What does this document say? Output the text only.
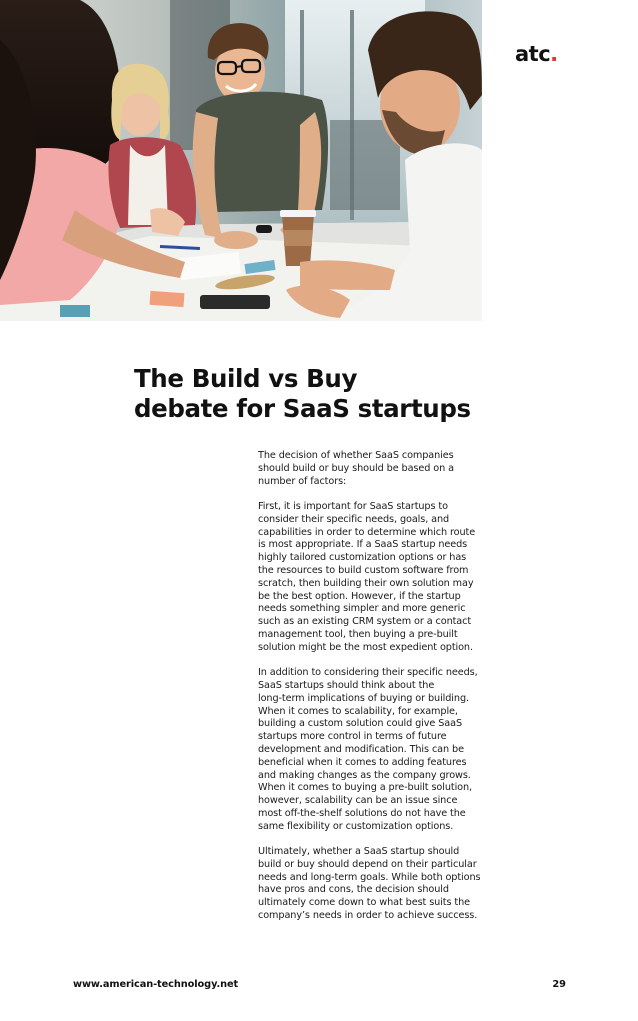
atc.
The Build vs Buy
debate for SaaS startups

The decision of whether SaaS companies
should build or buy should be based on a
number of factors:

First, it is important for SaaS startups to
consider their specific needs, goals, and
capabilities in order to determine which route
is most appropriate. If a SaaS startup needs
highly tailored customization options or has
the resources to build custom software from
scratch, then building their own solution may
be the best option. However, if the startup
needs something simpler and more generic
such as an existing CRM system or a contact
management tool, then buying a pre-built
solution might be the most expedient option.

In addition to considering their specific needs,
SaaS startups should think about the
long-term implications of buying or building.
When it comes to scalability, for example,
building a custom solution could give SaaS
startups more control in terms of future
development and modification. This can be
beneficial when it comes to adding features
and making changes as the company grows.
When it comes to buying a pre-built solution,
however, scalability can be an issue since
most off-the-shelf solutions do not have the
same flexibility or customization options.

Ultimately, whether a SaaS startup should
build or buy should depend on their particular
needs and long-term goals. While both options
have pros and cons, the decision should
ultimately come down to what best suits the
company’s needs in order to achieve success.

www.american-technology.net	29
